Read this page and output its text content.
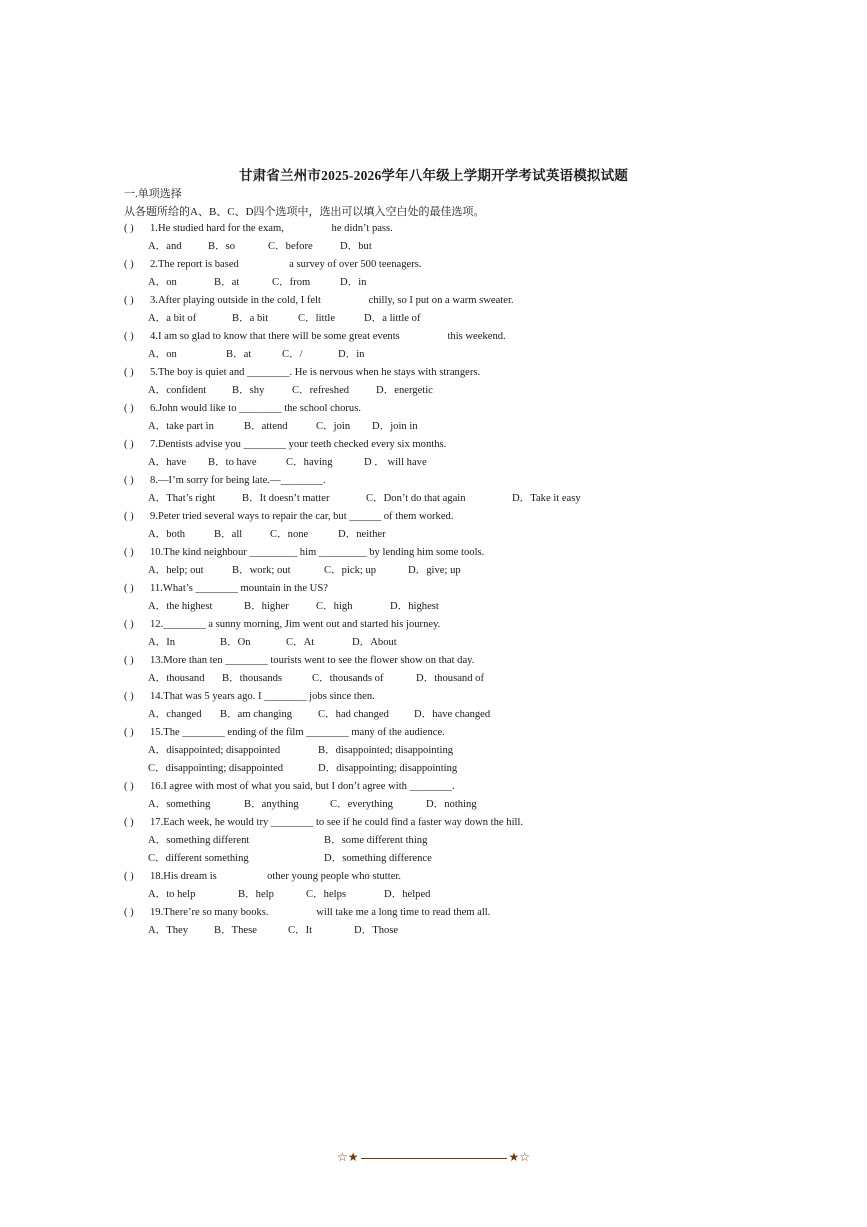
甘肃省兰州市2025-2026学年八年级上学期开学考试英语模拟试题
一.单项选择
从各题所给的A、B、C、D四个选项中，选出可以填入空白处的最佳选项。
( ) 1.He studied hard for the exam,                  he didn’t pass.
A．and B．so	C．before	D．but
( ) 2.The report is based                   a survey of over 500 teenagers.
A．on	B．at	C．from	D．in
( ) 3.After playing outside in the cold, I felt                  chilly, so I put on a warm sweater.
A．a bit of	B．a bit	C．little	D．a little of
( ) 4.I am so glad to know that there will be some great events                  this weekend.
A．on	B．at	C．/	D．in
( ) 5.The boy is quiet and ________. He is nervous when he stays with strangers.
A．confident B．shy	C．refreshed	D．energetic
( ) 6.John would like to ________ the school chorus.
A．take part in	B．attend	C．join D．join in
( ) 7.Dentists advise you ________ your teeth checked every six months.
A．have B．to have	C．having	D ． will have
( ) 8.—I’m sorry for being late.—________.
A．That’s right	B．It doesn’t matter	C．Don’t do that again	D．Take it easy
( ) 9.Peter tried several ways to repair the car, but ______ of them worked.
A．both	B．all	C．none	D．neither
( ) 10.The kind neighbour _________ him _________ by lending him some tools.
A．help; out	B．work; out	C．pick; up	D．give; up
( ) 11.What’s ________ mountain in the US?
A．the highest	B．higher	C．high	D．highest
( ) 12.________ a sunny morning, Jim went out and started his journey.
A．In	B．On	C．At	D．About
( ) 13.More than ten ________ tourists went to see the flower show on that day.
A．thousand B．thousands	C．thousands of	D．thousand of
( ) 14.That was 5 years ago. I ________ jobs since then.
A．changed B．am changing C．had changed D．have changed
( ) 15.The ________ ending of the film ________ many of the audience.
A．disappointed; disappointed	B．disappointed; disappointing
C．disappointing; disappointed	D．disappointing; disappointing
( ) 16.I agree with most of what you said, but I don’t agree with ________.
A．something	B．anything	C．everything	D．nothing
( ) 17.Each week, he would try ________ to see if he could find a faster way down the hill.
A．something different	B．some different thing
C．different something	D．something difference
( ) 18.His dream is                   other young people who stutter.
A．to help	B．help	C．helps	D．helped
( ) 19.There’re so many books.                  will take me a long time to read them all.
A．They B．These	C．It	D．Those
☆★	★☆
